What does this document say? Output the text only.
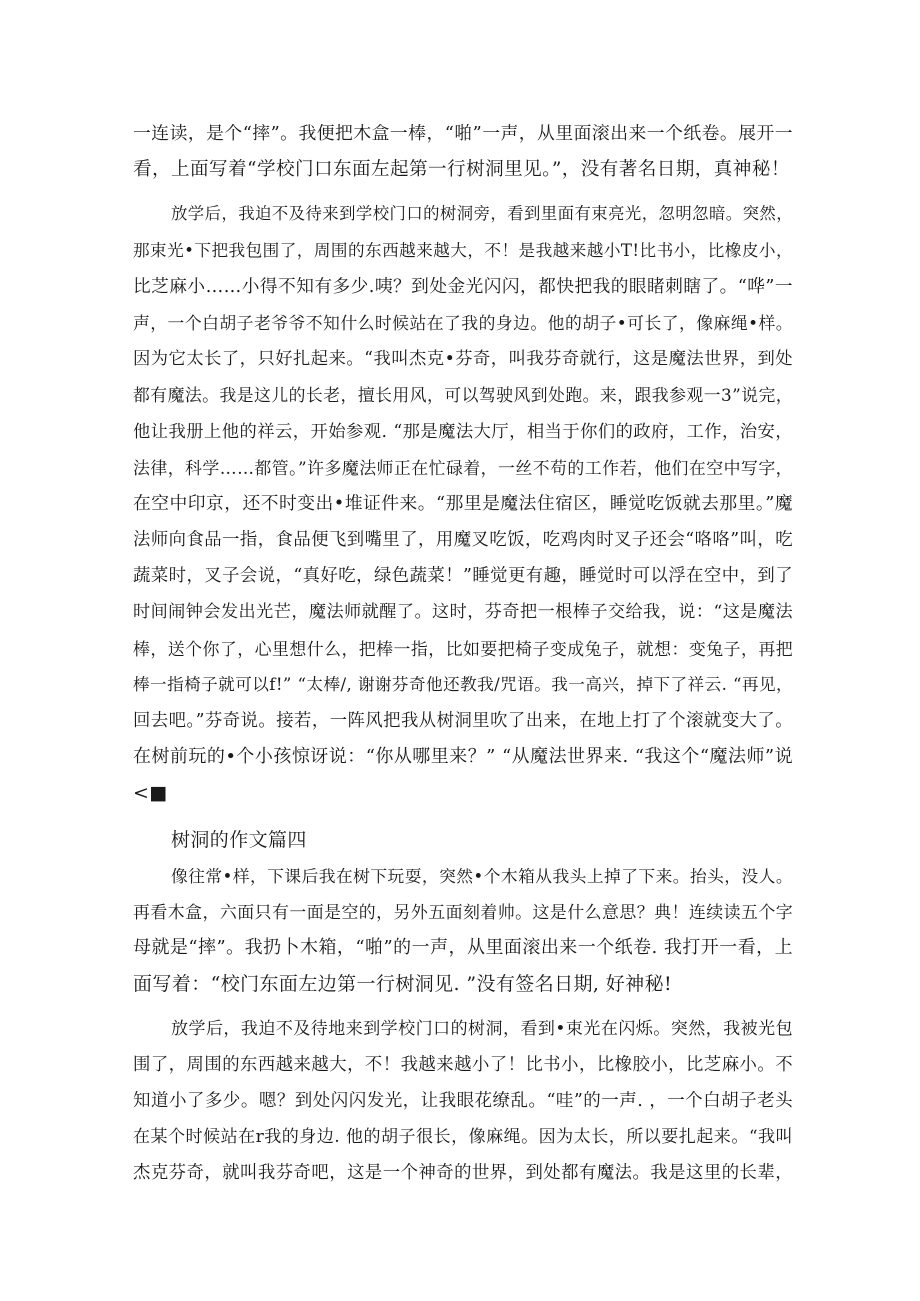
一连读，是个“摔”。我便把木盒一棒，“啪”一声，从里面滚出来一个纸卷。展开一
看，上面写着“学校门口东面左起第一行树洞里见。”，没有著名日期，真神秘！

放学后，我迫不及待来到学校门口的树洞旁，看到里面有束亮光，忽明忽暗。突然，
那束光•下把我包围了，周围的东西越来越大，不！是我越来越小T!比书小，比橡皮小，
比芝麻小……小得不知有多少.咦？到处金光闪闪，都快把我的眼睹刺瞎了。“哗”一
声，一个白胡子老爷爷不知什么时候站在了我的身边。他的胡子•可长了，像麻绳•样。
因为它太长了，只好扎起来。“我叫杰克•芬奇，叫我芬奇就行，这是魔法世界，到处
都有魔法。我是这儿的长老，擅长用风，可以驾驶风到处跑。来，跟我参观一3”说完，
他让我册上他的祥云，开始参观. “那是魔法大厅，相当于你们的政府，工作，治安，
法律，科学……都管。”许多魔法师正在忙碌着，一丝不苟的工作若，他们在空中写字，
在空中印京，还不时变出•堆证件来。“那里是魔法住宿区，睡觉吃饭就去那里。”魔
法师向食品一指，食品便飞到嘴里了，用魔叉吃饭，吃鸡肉时叉子还会“咯咯”叫，吃
蔬菜时，叉子会说，“真好吃，绿色蔬菜！”睡觉更有趣，睡觉时可以浮在空中，到了
时间闹钟会发出光芒，魔法师就醒了。这时，芬奇把一根棒子交给我，说：“这是魔法
棒，送个你了，心里想什么，把棒一指，比如要把椅子变成兔子，就想：变兔子，再把
棒一指椅子就可以f!” “太棒/, 谢谢芬奇他还教我/咒语。我一高兴，掉下了祥云. “再见，
回去吧。”芬奇说。接若，一阵风把我从树洞里吹了出来，在地上打了个滚就变大了。
在树前玩的•个小孩惊讶说：“你从哪里来？” “从魔法世界来. “我这个“魔法师”说
<■

树洞的作文篇四

像往常•样，下课后我在树下玩耍，突然•个木箱从我头上掉了下来。抬头，没人。
再看木盒，六面只有一面是空的，另外五面刻着帅。这是什么意思？典！连续读五个字
母就是“摔”。我扔卜木箱，“啪”的一声，从里面滚出来一个纸卷. 我打开一看，上
面写着：“校门东面左边第一行树洞见. ”没有签名日期, 好神秘!

放学后，我迫不及待地来到学校门口的树洞，看到•束光在闪烁。突然，我被光包
围了，周围的东西越来越大，不！我越来越小了！比书小，比橡胶小，比芝麻小。不
知道小了多少。嗯？到处闪闪发光，让我眼花缭乱。“哇”的一声. ，一个白胡子老头
在某个时候站在r我的身边. 他的胡子很长，像麻绳。因为太长，所以要扎起来。“我叫
杰克芬奇，就叫我芬奇吧，这是一个神奇的世界，到处都有魔法。我是这里的长辈，
